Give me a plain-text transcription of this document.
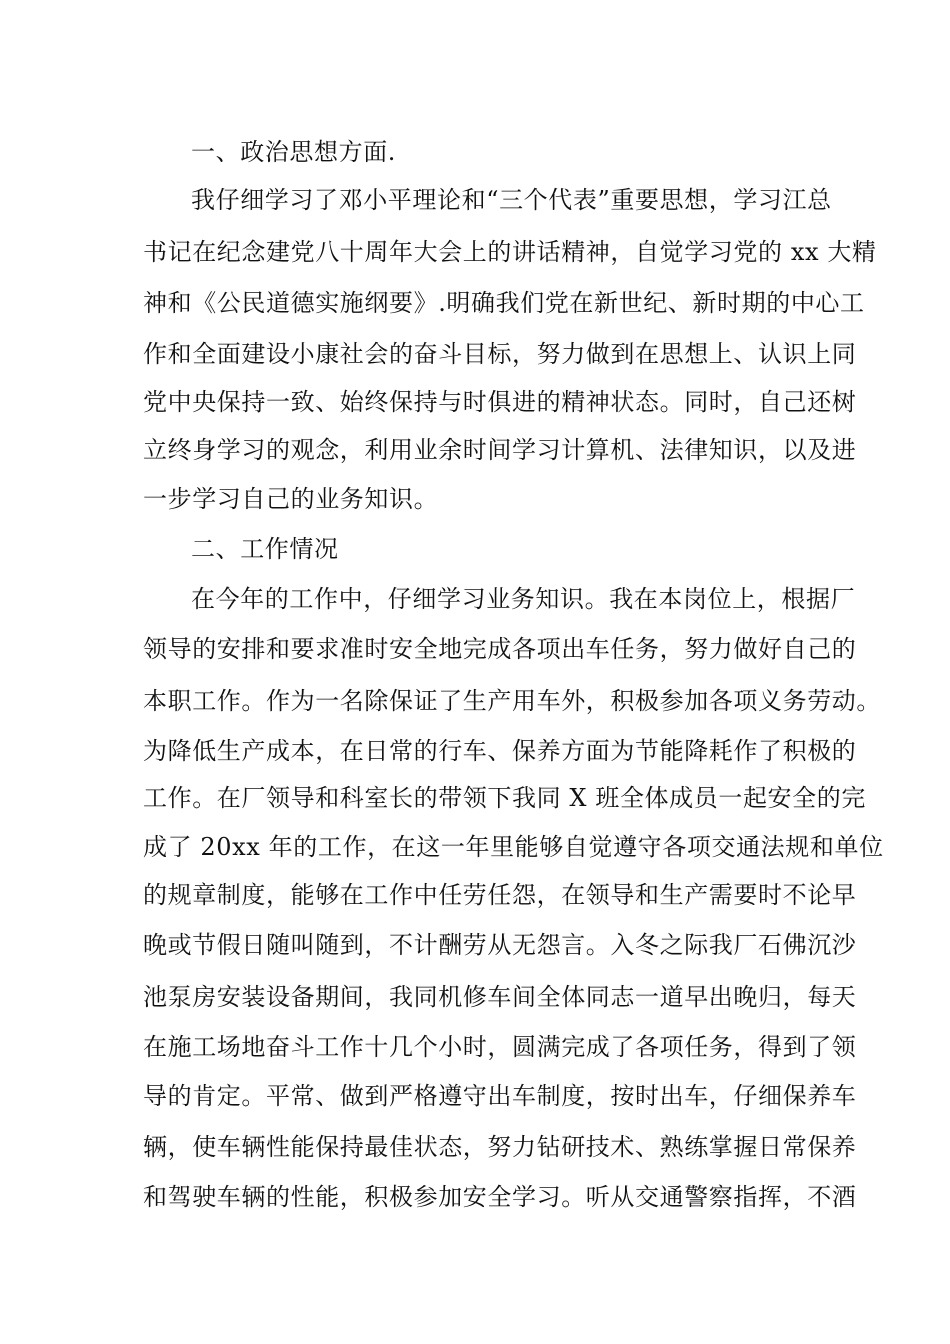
一、政治思想方面.
我仔细学习了邓小平理论和“三个代表”重要思想，学习江总
书记在纪念建党八十周年大会上的讲话精神，自觉学习党的 xx 大精
神和《公民道德实施纲要》.明确我们党在新世纪、新时期的中心工
作和全面建设小康社会的奋斗目标，努力做到在思想上、认识上同
党中央保持一致、始终保持与时俱进的精神状态。同时，自己还树
立终身学习的观念，利用业余时间学习计算机、法律知识，以及进
一步学习自己的业务知识。
二、工作情况
在今年的工作中，仔细学习业务知识。我在本岗位上，根据厂
领导的安排和要求准时安全地完成各项出车任务，努力做好自己的
本职工作。作为一名除保证了生产用车外，积极参加各项义务劳动。
为降低生产成本，在日常的行车、保养方面为节能降耗作了积极的
工作。在厂领导和科室长的带领下我同 X 班全体成员一起安全的完
成了 20xx 年的工作，在这一年里能够自觉遵守各项交通法规和单位
的规章制度，能够在工作中任劳任怨，在领导和生产需要时不论早
晚或节假日随叫随到，不计酬劳从无怨言。入冬之际我厂石佛沉沙
池泵房安装设备期间，我同机修车间全体同志一道早出晚归，每天
在施工场地奋斗工作十几个小时，圆满完成了各项任务，得到了领
导的肯定。平常、做到严格遵守出车制度，按时出车，仔细保养车
辆，使车辆性能保持最佳状态，努力钻研技术、熟练掌握日常保养
和驾驶车辆的性能，积极参加安全学习。听从交通警察指挥，不酒
